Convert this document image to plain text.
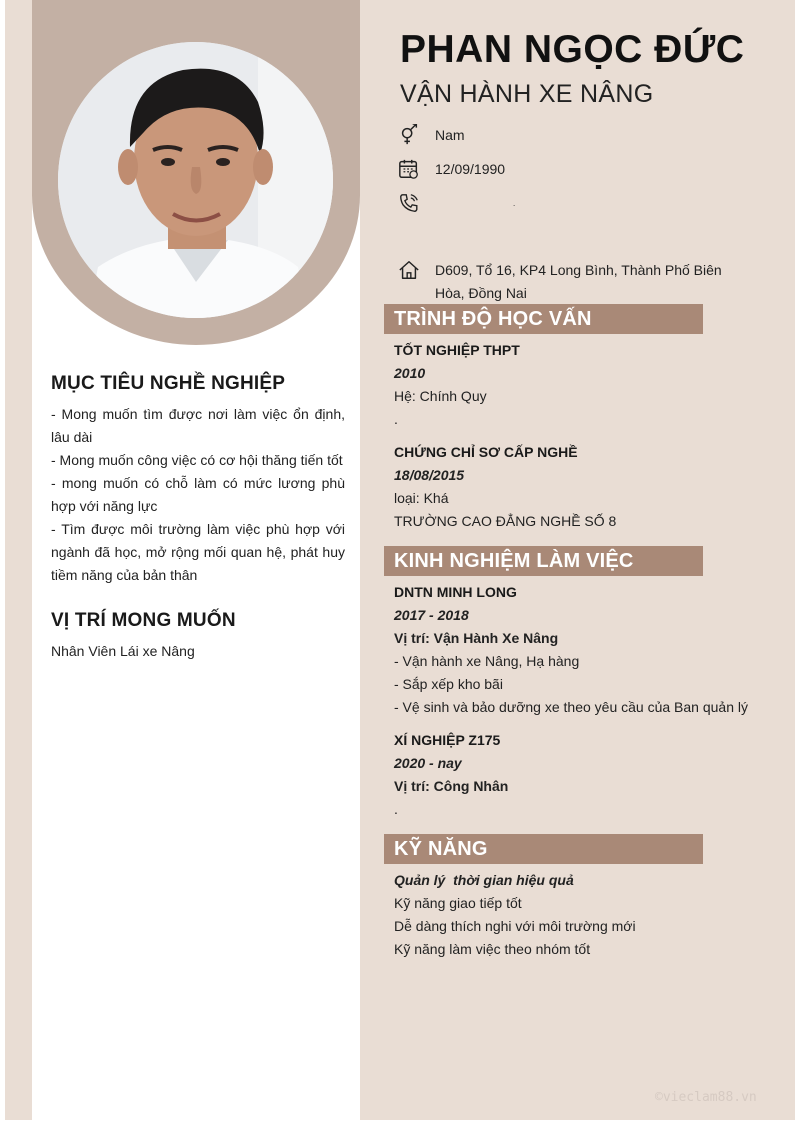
MỤC TIÊU NGHỀ NGHIỆP
- Mong muốn tìm được nơi làm việc ổn định, lâu dài
- Mong muốn công việc có cơ hội thăng tiến tốt
- mong muốn có chỗ làm có mức lương phù hợp với năng lực
- Tìm được môi trường làm việc phù hợp với ngành đã học, mở rộng mối quan hệ, phát huy tiềm năng của bản thân
VỊ TRÍ MONG MUỐN
Nhân Viên Lái xe Nâng
PHAN NGỌC ĐỨC
VẬN HÀNH XE NÂNG
Nam
12/09/1990
.
D609, Tổ 16, KP4 Long Bình, Thành Phố Biên Hòa, Đồng Nai
TRÌNH ĐỘ HỌC VẤN
TỐT NGHIỆP THPT
2010
Hệ: Chính Quy
.
CHỨNG CHỈ SƠ CẤP NGHỀ
18/08/2015
loại: Khá
TRƯỜNG CAO ĐẲNG NGHỀ SỐ 8
KINH NGHIỆM LÀM VIỆC
DNTN MINH LONG
2017 - 2018
Vị trí: Vận Hành Xe Nâng
- Vận hành xe Nâng, Hạ hàng
- Sắp xếp kho bãi
- Vệ sinh và bảo dưỡng xe theo yêu cầu của Ban quản lý
XÍ NGHIỆP Z175
2020 - nay
Vị trí: Công Nhân
.
KỸ NĂNG
Quản lý  thời gian hiệu quả
Kỹ năng giao tiếp tốt
Dễ dàng thích nghi với môi trường mới
Kỹ năng làm việc theo nhóm tốt
©vieclam88.vn
